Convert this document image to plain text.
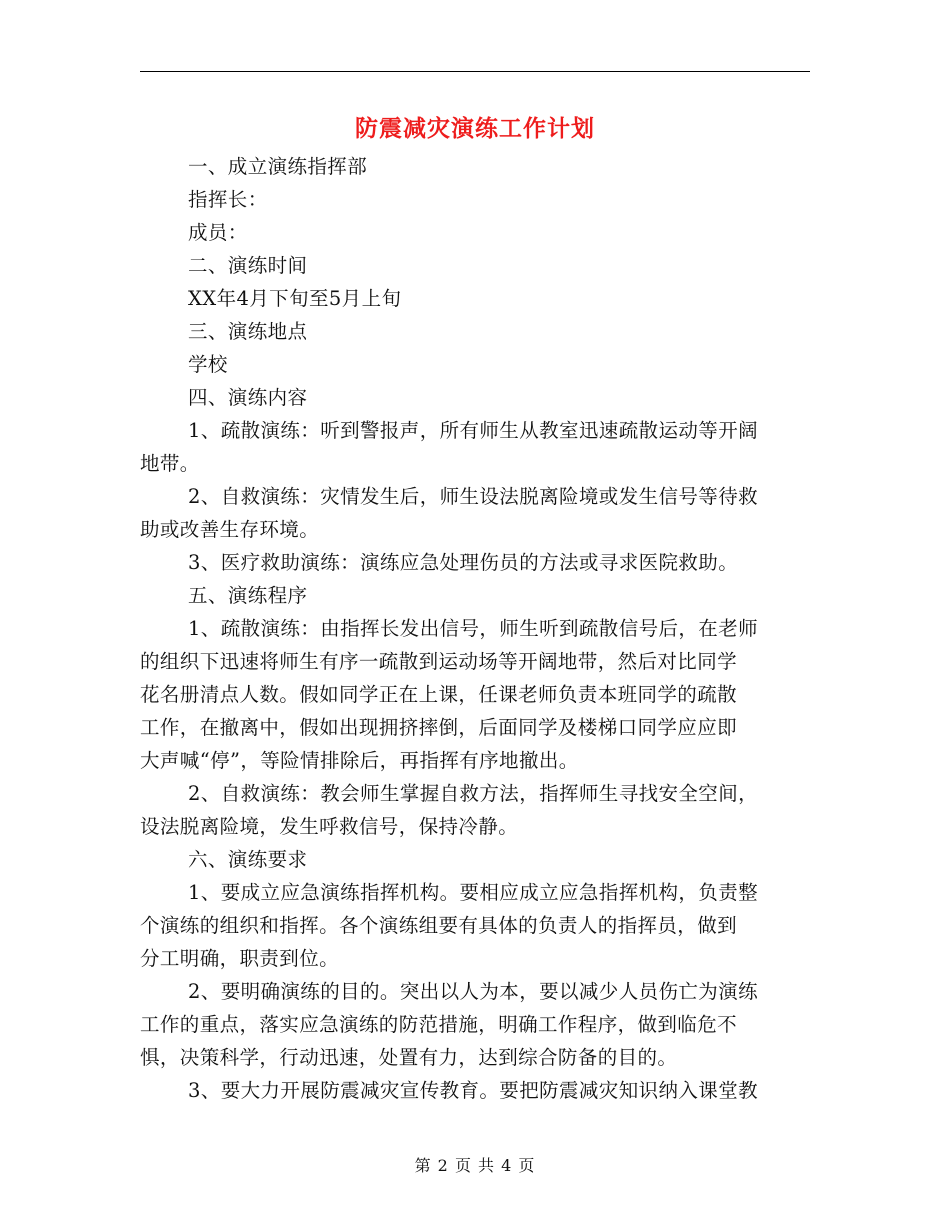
防震减灾演练工作计划
一、成立演练指挥部
指挥长：
成员：
二、演练时间
XX年4月下旬至5月上旬
三、演练地点
学校
四、演练内容
1、疏散演练：听到警报声，所有师生从教室迅速疏散运动等开阔
地带。
2、自救演练：灾情发生后，师生设法脱离险境或发生信号等待救
助或改善生存环境。
3、医疗救助演练：演练应急处理伤员的方法或寻求医院救助。
五、演练程序
1、疏散演练：由指挥长发出信号，师生听到疏散信号后，在老师
的组织下迅速将师生有序一疏散到运动场等开阔地带，然后对比同学
花名册清点人数。假如同学正在上课，任课老师负责本班同学的疏散
工作，在撤离中，假如出现拥挤摔倒，后面同学及楼梯口同学应应即
大声喊“停”，等险情排除后，再指挥有序地撤出。
2、自救演练：教会师生掌握自救方法，指挥师生寻找安全空间，
设法脱离险境，发生呼救信号，保持冷静。
六、演练要求
1、要成立应急演练指挥机构。要相应成立应急指挥机构，负责整
个演练的组织和指挥。各个演练组要有具体的负责人的指挥员，做到
分工明确，职责到位。
2、要明确演练的目的。突出以人为本，要以减少人员伤亡为演练
工作的重点，落实应急演练的防范措施，明确工作程序，做到临危不
惧，决策科学，行动迅速，处置有力，达到综合防备的目的。
3、要大力开展防震减灾宣传教育。要把防震减灾知识纳入课堂教
第 2 页 共 4 页
